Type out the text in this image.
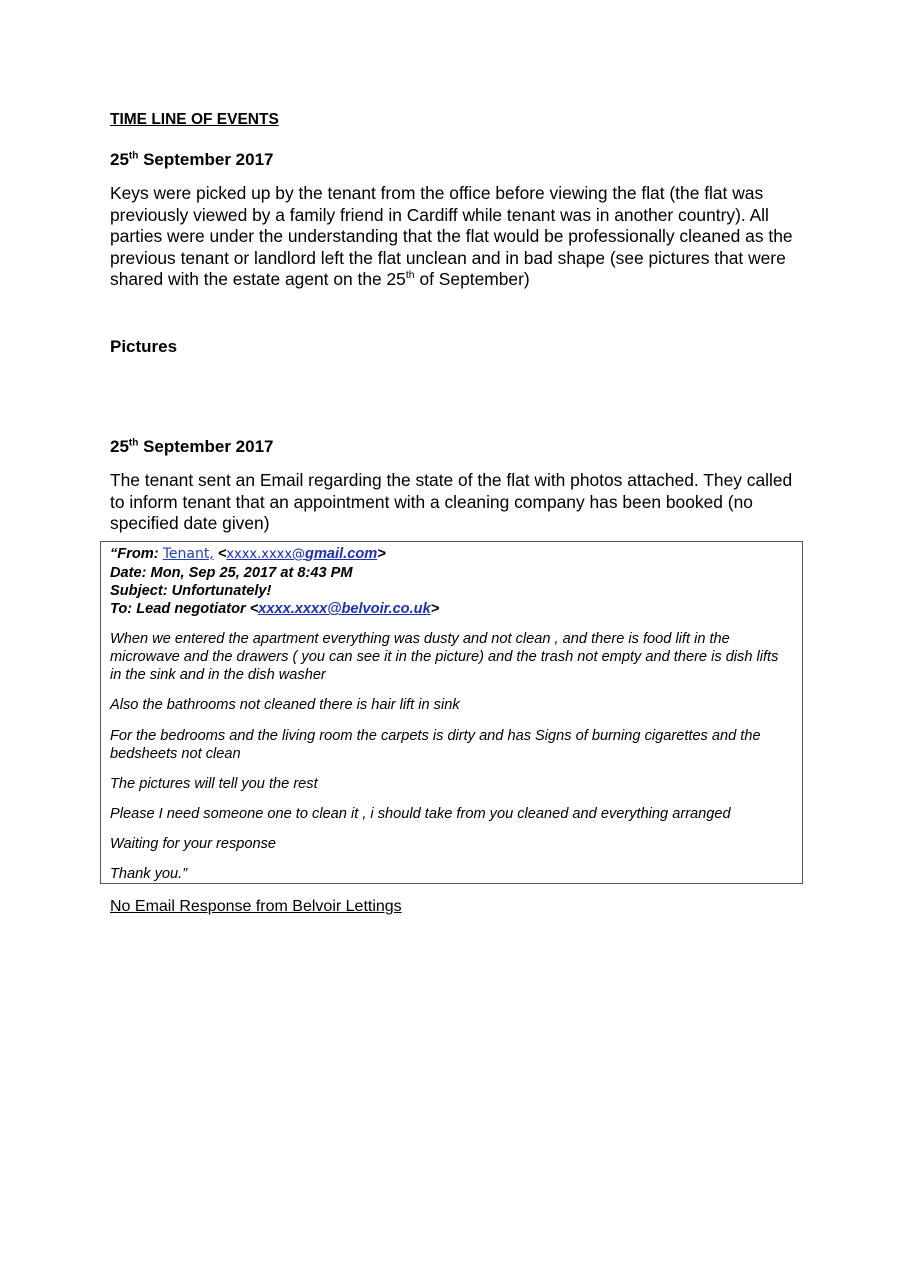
TIME LINE OF EVENTS

25th September 2017

Keys were picked up by the tenant from the office before viewing the flat (the flat was previously viewed by a family friend in Cardiff while tenant was in another country). All parties were under the understanding that the flat would be professionally cleaned as the previous tenant or landlord left the flat unclean and in bad shape (see pictures that were shared with the estate agent on the 25th of September)

Pictures

25th September 2017

The tenant sent an Email regarding the state of the flat with photos attached. They called to inform tenant that an appointment with a cleaning company has been booked (no specified date given)

“From: Tenant, <xxxx.xxxx@gmail.com>

Date: Mon, Sep 25, 2017 at 8:43 PM

Subject: Unfortunately!

To: Lead negotiator <xxxx.xxxx@belvoir.co.uk>

When we entered the apartment everything was dusty and not clean , and there is food lift in the microwave and the drawers ( you can see it in the picture) and the trash not empty and there is dish lifts in the sink and in the dish washer

Also the bathrooms not cleaned there is hair lift in sink

For the bedrooms and the living room the carpets is dirty and has Signs of burning cigarettes and the bedsheets not clean

The pictures will tell you the rest

Please I need someone one to clean it , i should take from you cleaned and everything arranged

Waiting for your response

Thank you.”

No Email Response from Belvoir Lettings
